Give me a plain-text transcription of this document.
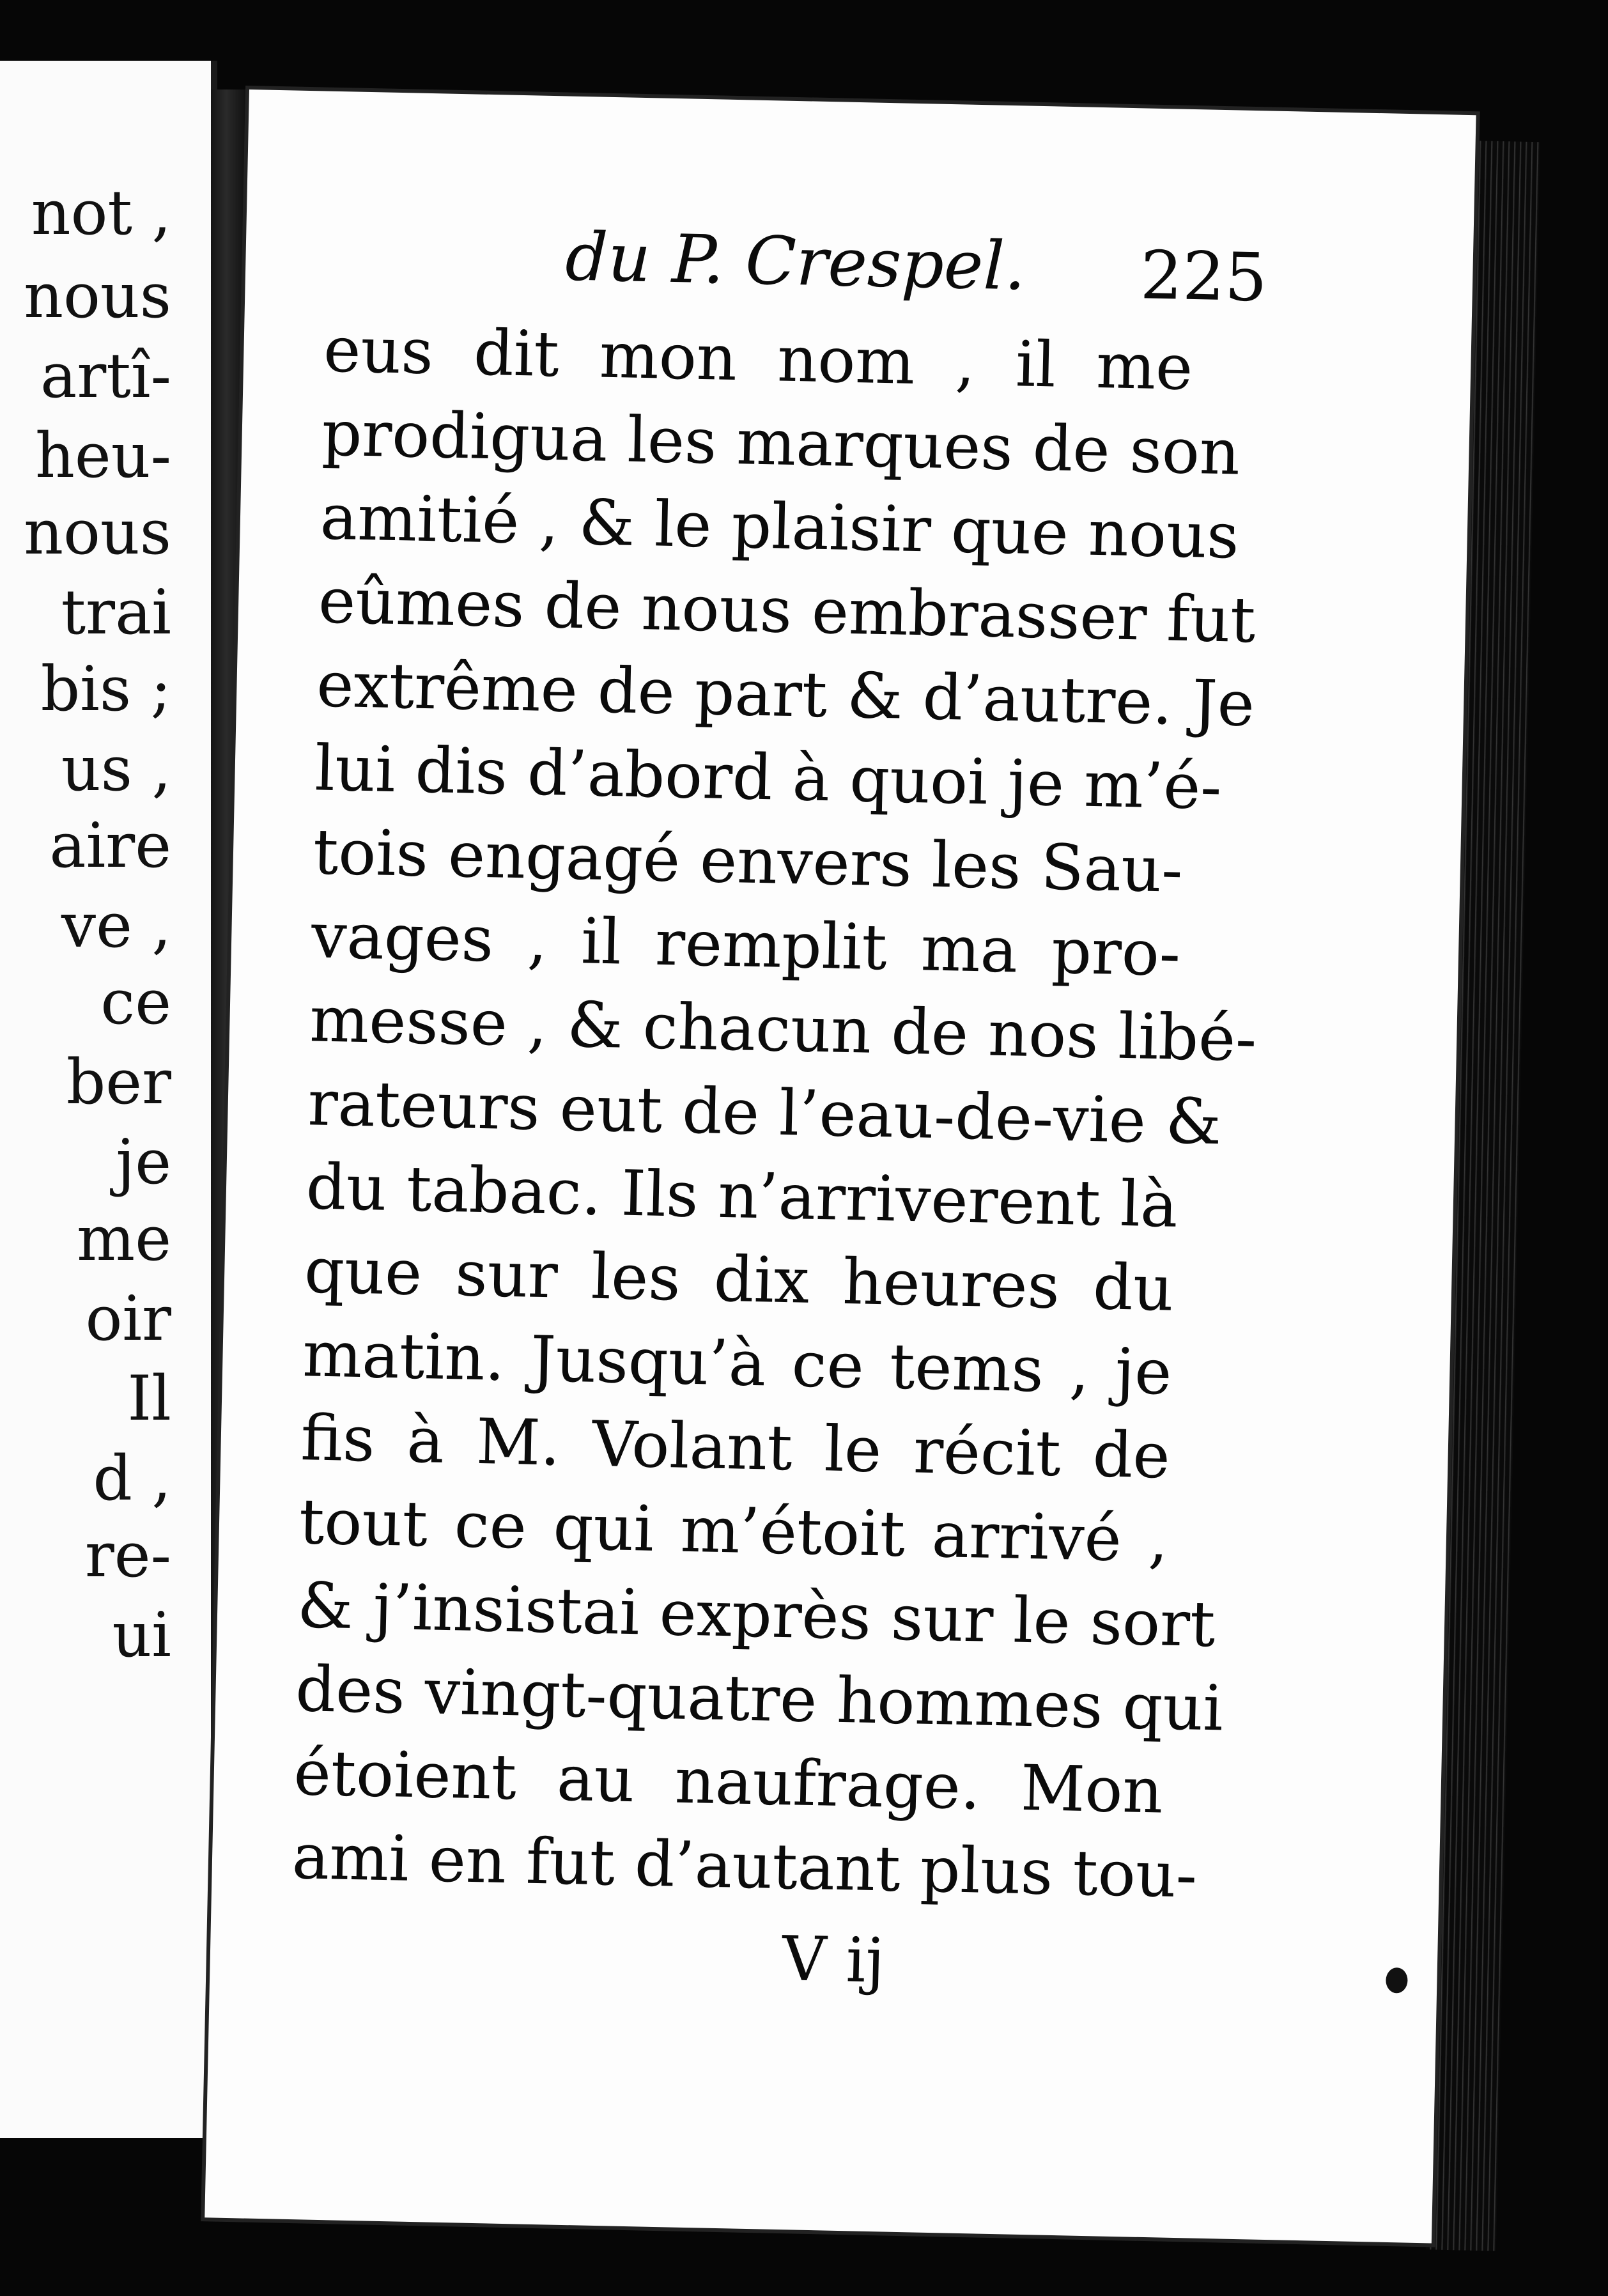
not ,
nous
artî-
heu-
nous
trai
bis ;
us ,
aire
ve ,
ce
ber
je
me
oir
Il
d ,
re-
ui
du P. Crespel. 225
eus dit mon nom , il me
prodigua les marques de son
amitié , & le plaisir que nous
eûmes de nous embrasser fut
extrême de part & d’autre. Je
lui dis d’abord à quoi je m’é-
tois engagé envers les Sau-
vages , il remplit ma pro-
messe , & chacun de nos libé-
rateurs eut de l’eau-de-vie &
du tabac. Ils n’arriverent là
que sur les dix heures du
matin. Jusqu’à ce tems , je
fis à M. Volant le récit de
tout ce qui m’étoit arrivé ,
& j’insistai exprès sur le sort
des vingt-quatre hommes qui
étoient au naufrage. Mon
ami en fut d’autant plus tou-
V ij
